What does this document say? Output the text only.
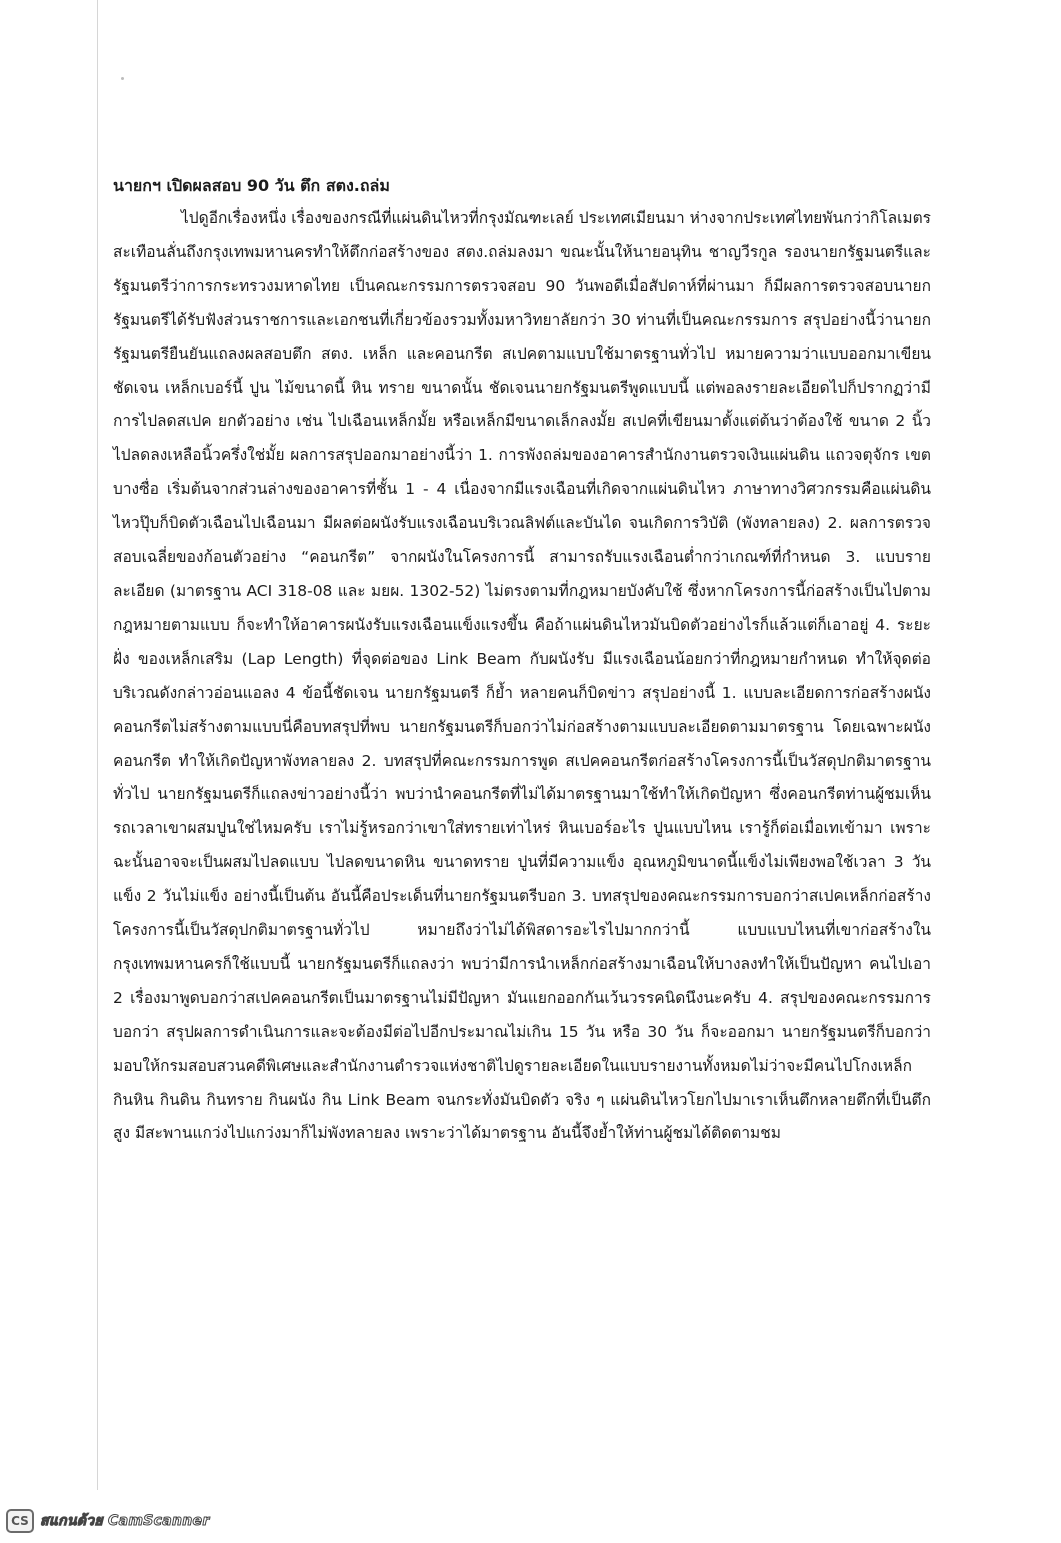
นายกฯ เปิดผลสอบ 90 วัน ตึก สตง.ถล่ม

ไปดูอีกเรื่องหนึ่ง เรื่องของกรณีที่แผ่นดินไหวที่กรุงมัณฑะเลย์ ประเทศเมียนมา ห่างจากประเทศไทยพันกว่ากิโลเมตร สะเทือนลั่นถึงกรุงเทพมหานครทำให้ตึกก่อสร้างของ สตง.ถล่มลงมา ขณะนั้นให้นายอนุทิน ชาญวีรกูล รองนายกรัฐมนตรีและรัฐมนตรีว่าการกระทรวงมหาดไทย เป็นคณะกรรมการตรวจสอบ 90 วันพอดีเมื่อสัปดาห์ที่ผ่านมา ก็มีผลการตรวจสอบนายกรัฐมนตรีได้รับฟังส่วนราชการและเอกชนที่เกี่ยวข้องรวมทั้งมหาวิทยาลัยกว่า 30 ท่านที่เป็นคณะกรรมการ สรุปอย่างนี้ว่านายกรัฐมนตรียืนยันแถลงผลสอบตึก สตง. เหล็ก และคอนกรีต สเปคตามแบบใช้มาตรฐานทั่วไป หมายความว่าแบบออกมาเขียนชัดเจน เหล็กเบอร์นี้ ปูน ไม้ขนาดนี้ หิน ทราย ขนาดนั้น ชัดเจนนายกรัฐมนตรีพูดแบบนี้ แต่พอลงรายละเอียดไปก็ปรากฏว่ามีการไปลดสเปค ยกตัวอย่าง เช่น ไปเฉือนเหล็กมั้ย หรือเหล็กมีขนาดเล็กลงมั้ย สเปคที่เขียนมาตั้งแต่ต้นว่าต้องใช้ ขนาด 2 นิ้ว ไปลดลงเหลือนิ้วครึ่งใช่มั้ย ผลการสรุปออกมาอย่างนี้ว่า 1. การพังถล่มของอาคารสำนักงานตรวจเงินแผ่นดิน แถวจตุจักร เขตบางซื่อ เริ่มต้นจากส่วนล่างของอาคารที่ชั้น 1 - 4 เนื่องจากมีแรงเฉือนที่เกิดจากแผ่นดินไหว ภาษาทางวิศวกรรมคือแผ่นดินไหวปุ๊บก็บิดตัวเฉือนไปเฉือนมา มีผลต่อผนังรับแรงเฉือนบริเวณลิฟต์และบันได จนเกิดการวิบัติ (พังทลายลง) 2. ผลการตรวจสอบเฉลี่ยของก้อนตัวอย่าง “คอนกรีต” จากผนังในโครงการนี้ สามารถรับแรงเฉือนต่ำกว่าเกณฑ์ที่กำหนด 3. แบบรายละเอียด (มาตรฐาน ACI 318-08 และ มยผ. 1302-52) ไม่ตรงตามที่กฎหมายบังคับใช้ ซึ่งหากโครงการนี้ก่อสร้างเป็นไปตามกฎหมายตามแบบ ก็จะทำให้อาคารผนังรับแรงเฉือนแข็งแรงขึ้น คือถ้าแผ่นดินไหวมันบิดตัวอย่างไรก็แล้วแต่ก็เอาอยู่ 4. ระยะฝั่ง ของเหล็กเสริม (Lap Length) ที่จุดต่อของ Link Beam กับผนังรับ มีแรงเฉือนน้อยกว่าที่กฎหมายกำหนด ทำให้จุดต่อบริเวณดังกล่าวอ่อนแอลง 4 ข้อนี้ชัดเจน นายกรัฐมนตรี ก็ย้ำ หลายคนก็บิดข่าว สรุปอย่างนี้ 1. แบบละเอียดการก่อสร้างผนังคอนกรีตไม่สร้างตามแบบนี่คือบทสรุปที่พบ นายกรัฐมนตรีก็บอกว่าไม่ก่อสร้างตามแบบละเอียดตามมาตรฐาน โดยเฉพาะผนังคอนกรีต ทำให้เกิดปัญหาพังทลายลง 2. บทสรุปที่คณะกรรมการพูด สเปคคอนกรีตก่อสร้างโครงการนี้เป็นวัสดุปกติมาตรฐานทั่วไป นายกรัฐมนตรีก็แถลงข่าวอย่างนี้ว่า พบว่านำคอนกรีตที่ไม่ได้มาตรฐานมาใช้ทำให้เกิดปัญหา ซึ่งคอนกรีตท่านผู้ชมเห็นรถเวลาเขาผสมปูนใช่ไหมครับ เราไม่รู้หรอกว่าเขาใส่ทรายเท่าไหร่ หินเบอร์อะไร ปูนแบบไหน เรารู้ก็ต่อเมื่อเทเข้ามา เพราะฉะนั้นอาจจะเป็นผสมไปลดแบบ ไปลดขนาดหิน ขนาดทราย ปูนที่มีความแข็ง อุณหภูมิขนาดนี้แข็งไม่เพียงพอใช้เวลา 3 วันแข็ง 2 วันไม่แข็ง อย่างนี้เป็นต้น อันนี้คือประเด็นที่นายกรัฐมนตรีบอก 3. บทสรุปของคณะกรรมการบอกว่าสเปคเหล็กก่อสร้างโครงการนี้เป็นวัสดุปกติมาตรฐานทั่วไป หมายถึงว่าไม่ได้พิสดารอะไรไปมากกว่านี้ แบบแบบไหนที่เขาก่อสร้างในกรุงเทพมหานครก็ใช้แบบนี้ นายกรัฐมนตรีก็แถลงว่า พบว่ามีการนำเหล็กก่อสร้างมาเฉือนให้บางลงทำให้เป็นปัญหา คนไปเอา 2 เรื่องมาพูดบอกว่าสเปคคอนกรีตเป็นมาตรฐานไม่มีปัญหา มันแยกออกกันเว้นวรรคนิดนึงนะครับ 4. สรุปของคณะกรรมการบอกว่า สรุปผลการดำเนินการและจะต้องมีต่อไปอีกประมาณไม่เกิน 15 วัน หรือ 30 วัน ก็จะออกมา นายกรัฐมนตรีก็บอกว่า มอบให้กรมสอบสวนคดีพิเศษและสำนักงานตำรวจแห่งชาติไปดูรายละเอียดในแบบรายงานทั้งหมดไม่ว่าจะมีคนไปโกงเหล็ก กินหิน กินดิน กินทราย กินผนัง กิน Link Beam จนกระทั่งมันบิดตัว จริง ๆ แผ่นดินไหวโยกไปมาเราเห็นตึกหลายตึกที่เป็นตึกสูง มีสะพานแกว่งไปแกว่งมาก็ไม่พังทลายลง เพราะว่าได้มาตรฐาน อันนี้จึงย้ำให้ท่านผู้ชมได้ติดตามชม

CS สแกนด้วย CamScanner
